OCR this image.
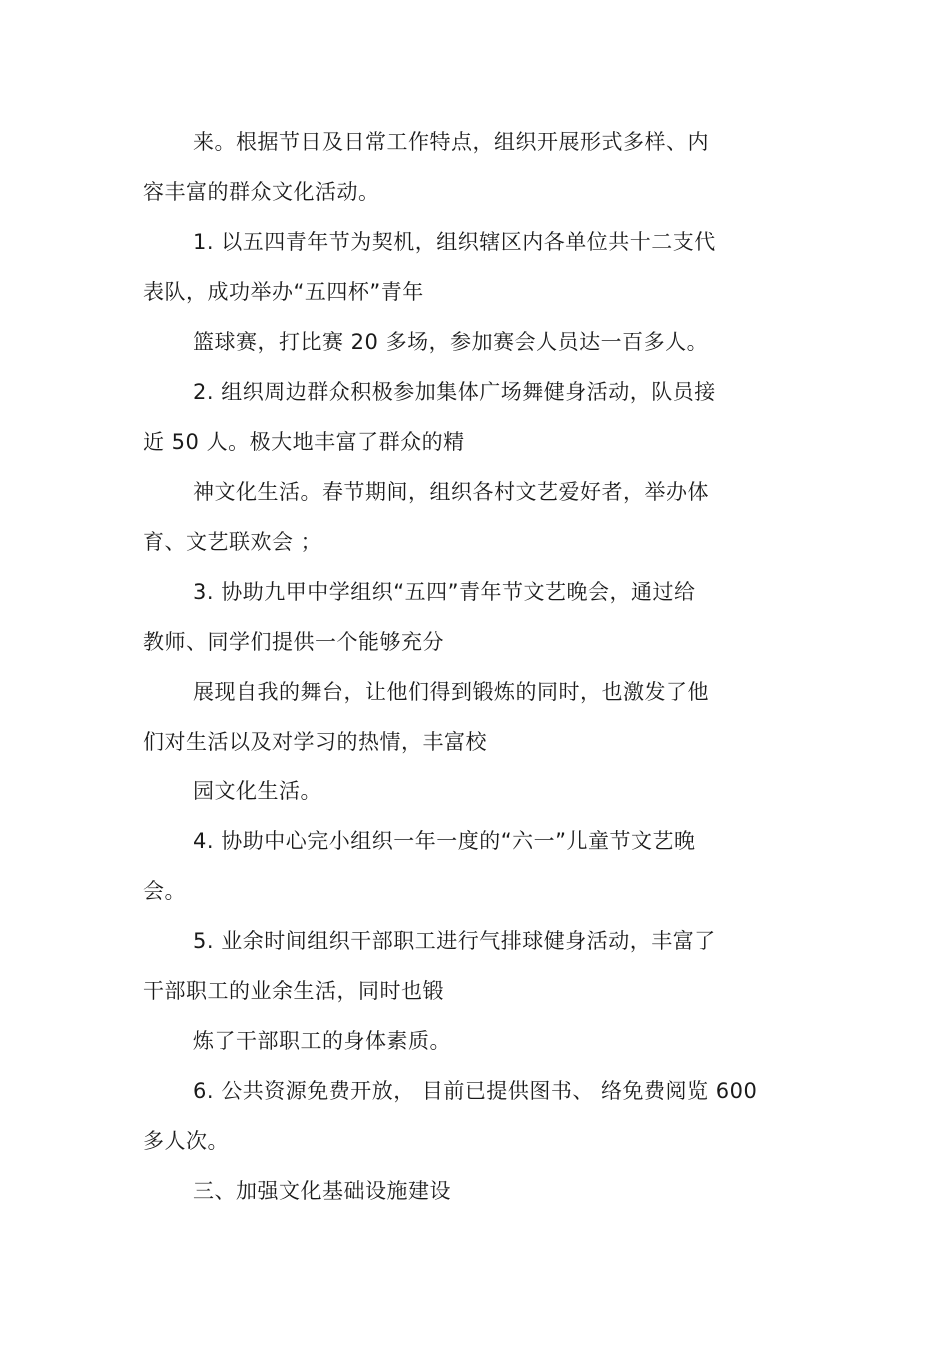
来。根据节日及日常工作特点，组织开展形式多样、内
容丰富的群众文化活动。
1. 以五四青年节为契机，组织辖区内各单位共十二支代
表队，成功举办“五四杯”青年
篮球赛，打比赛 20 多场，参加赛会人员达一百多人。
2. 组织周边群众积极参加集体广场舞健身活动，队员接
近 50 人。极大地丰富了群众的精
神文化生活。春节期间，组织各村文艺爱好者，举办体
育、文艺联欢会 ；
3. 协助九甲中学组织“五四”青年节文艺晚会，通过给
教师、同学们提供一个能够充分
展现自我的舞台，让他们得到锻炼的同时，也激发了他
们对生活以及对学习的热情，丰富校
园文化生活。
4. 协助中心完小组织一年一度的“六一”儿童节文艺晚
会。
5. 业余时间组织干部职工进行气排球健身活动，丰富了
干部职工的业余生活，同时也锻
炼了干部职工的身体素质。
6. 公共资源免费开放， 目前已提供图书、 络免费阅览 600
多人次。
三、加强文化基础设施建设
